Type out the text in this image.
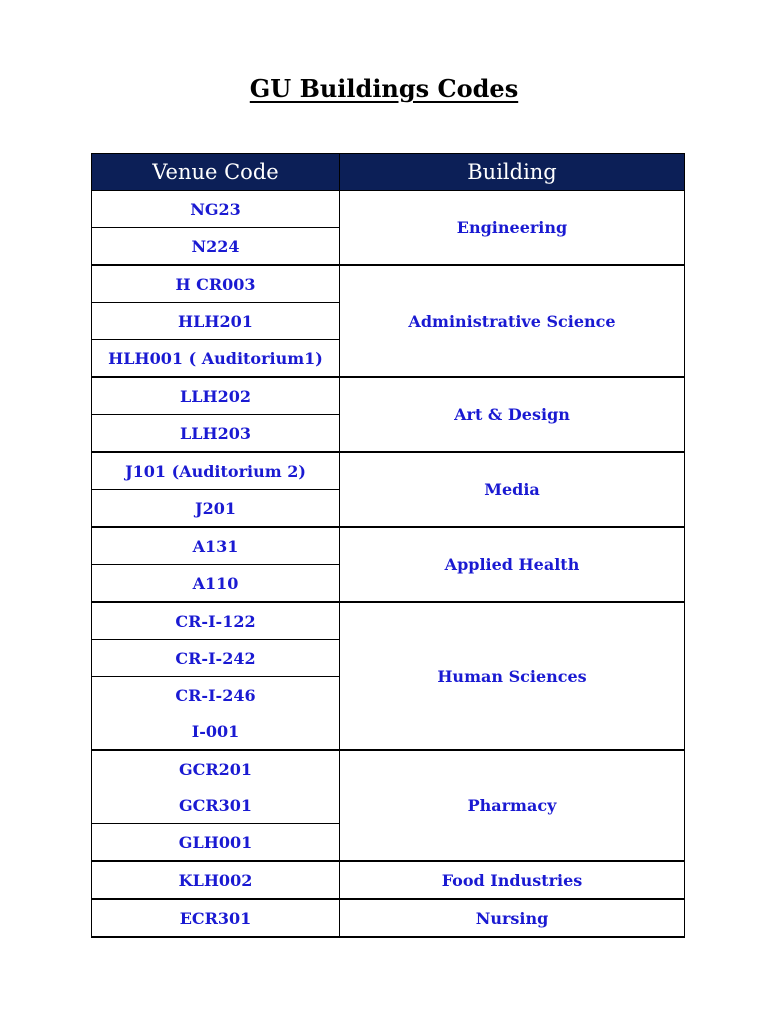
GU Buildings Codes
Venue Code	Building
NG23	Engineering
N224	
H CR003	Administrative Science
HLH201	
HLH001 ( Auditorium1)	
LLH202	Art & Design
LLH203	
J101 (Auditorium 2)	Media
J201	
A131	Applied Health
A110	
CR-I-122	Human Sciences
CR-I-242	
CR-I-246	
I-001	
GCR201	Pharmacy
GCR301	
GLH001	
KLH002	Food Industries
ECR301	Nursing
